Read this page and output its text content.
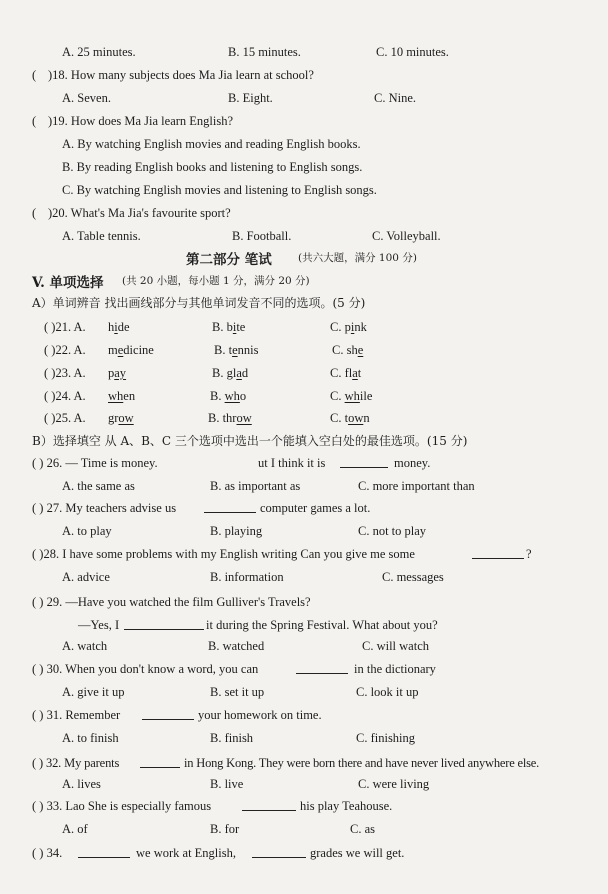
A. 25 minutes.	B. 15 minutes.	C. 10 minutes.
( )18. How many subjects does Ma Jia learn at school?
A. Seven.	B. Eight.	C. Nine.
( )19. How does Ma Jia learn English?
A. By watching English movies and reading English books.
B. By reading English books and listening to English songs.
C. By watching English movies and listening to English songs.
( )20. What's Ma Jia's favourite sport?
A. Table tennis.	B. Football.	C. Volleyball.
第二部分 笔试	(共六大题，满分 100 分)
V. 单项选择 (共 20 小题，每小题 1 分，满分 20 分)
A）单词辨音 找出画线部分与其他单词发音不同的选项。(5 分)
( )21. A. hide	B. bite	C. pink
( )22. A. medicine	B. tennis	C. she
( )23. A. pay	B. glad	C. flat
( )24. A. when	B. who	C. while
( )25. A. grow	B. throw	C. town
B）选择填空 从 A、B、C 三个选项中选出一个能填入空白处的最佳选项。(15 分)
( ) 26. — Time is money.	ut I think it is	money.
A. the same as	B. as important as	C. more important than
( ) 27. My teachers advise us	computer games a lot.
A. to play	B. playing	C. not to play
( )28. I have some problems with my English writing Can you give me some	?
A. advice	B. information	C. messages
( ) 29. —Have you watched the film Gulliver's Travels?
—Yes, I	it during the Spring Festival. What about you?
A. watch	B. watched	C. will watch
( ) 30. When you don't know a word, you can	in the dictionary
A. give it up	B. set it up	C. look it up
( ) 31. Remember	your homework on time.
A. to finish	B. finish	C. finishing
( ) 32. My parents	in Hong Kong. They were born there and have never lived anywhere else.
A. lives	B. live	C. were living
( ) 33. Lao She is especially famous	his play Teahouse.
A. of	B. for	C. as
( ) 34.	we work at English,	grades we will get.
